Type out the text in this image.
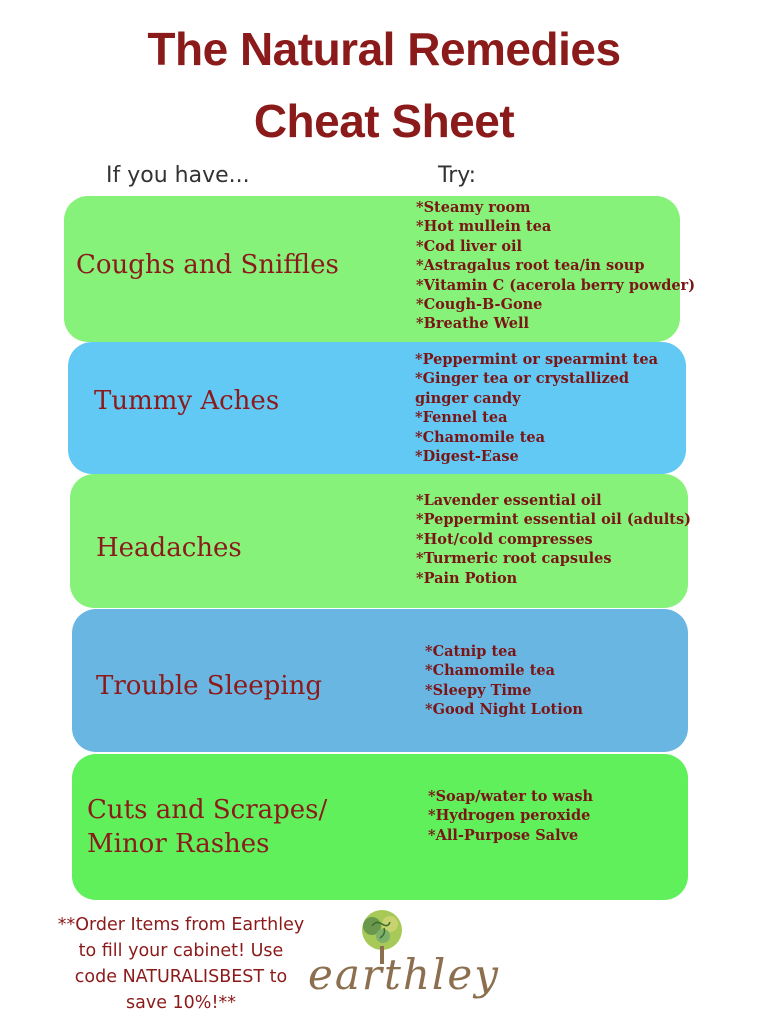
The Natural Remedies
Cheat Sheet
If you have...	Try:
Coughs and Sniffles
*Steamy room
*Hot mullein tea
*Cod liver oil
*Astragalus root tea/in soup
*Vitamin C (acerola berry powder)
*Cough-B-Gone
*Breathe Well
Tummy Aches
*Peppermint or spearmint tea
*Ginger tea or crystallized
ginger candy
*Fennel tea
*Chamomile tea
*Digest-Ease
Headaches
*Lavender essential oil
*Peppermint essential oil (adults)
*Hot/cold compresses
*Turmeric root capsules
*Pain Potion
Trouble Sleeping
*Catnip tea
*Chamomile tea
*Sleepy Time
*Good Night Lotion
Cuts and Scrapes/
Minor Rashes
*Soap/water to wash
*Hydrogen peroxide
*All-Purpose Salve
**Order Items from Earthley
to fill your cabinet! Use
code NATURALISBEST to
save 10%!**
earthley
